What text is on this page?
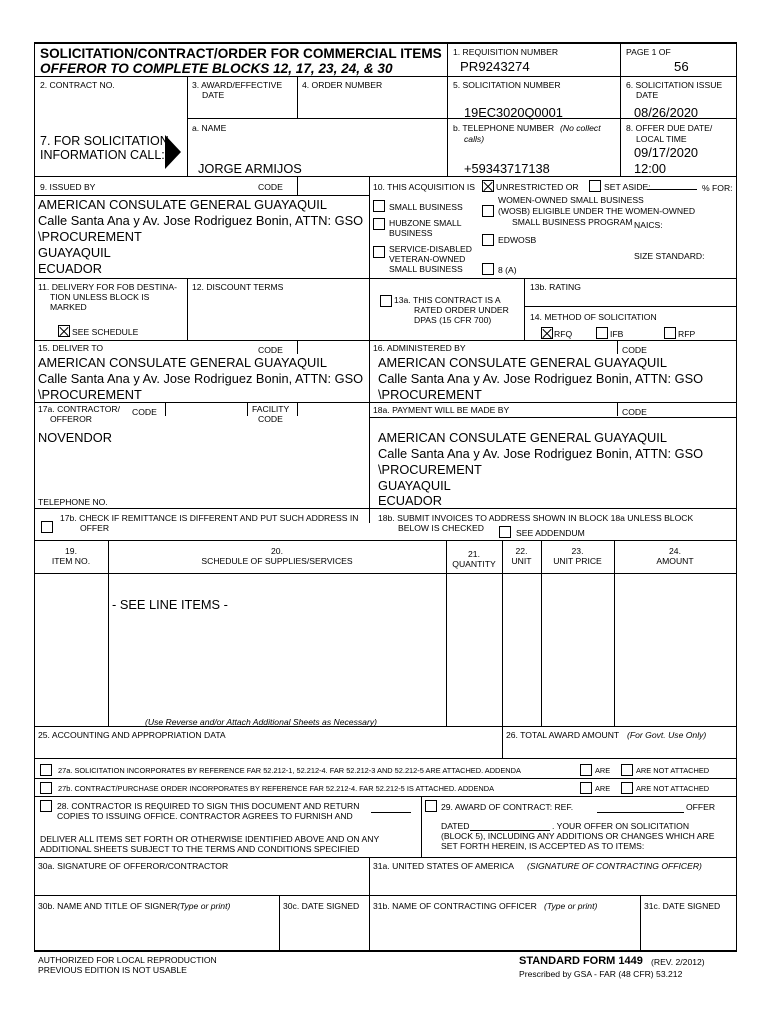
SOLICITATION/CONTRACT/ORDER FOR COMMERCIAL ITEMS
OFFEROR TO COMPLETE BLOCKS 12, 17, 23, 24, & 30
1. REQUISITION NUMBER
PR9243274
PAGE 1 OF
56
2. CONTRACT NO.	3. AWARD/EFFECTIVE
DATE
4. ORDER NUMBER	5. SOLICITATION NUMBER
19EC3020Q0001
6. SOLICITATION ISSUE
DATE
08/26/2020
7. FOR SOLICITATION
INFORMATION CALL:
a. NAME
JORGE ARMIJOS
b. TELEPHONE NUMBER (No collect
calls)
+59343717138
8. OFFER DUE DATE/
LOCAL TIME
09/17/2020
12:00
9. ISSUED BY	CODE
AMERICAN CONSULATE GENERAL GUAYAQUIL
Calle Santa Ana y Av. Jose Rodriguez Bonin, ATTN: GSO
\PROCUREMENT
GUAYAQUIL
ECUADOR
10. THIS ACQUISITION IS UNRESTRICTED OR	SET ASIDE:	% FOR:
SMALL BUSINESS
HUBZONE SMALL
BUSINESS
SERVICE-DISABLED
VETERAN-OWNED
SMALL BUSINESS
WOMEN-OWNED SMALL BUSINESS
(WOSB) ELIGIBLE UNDER THE WOMEN-OWNED
SMALL BUSINESS PROGRAM NAICS:
EDWOSB
8 (A)
SIZE STANDARD:
11. DELIVERY FOR FOB DESTINA-
TION UNLESS BLOCK IS
MARKED
SEE SCHEDULE
12. DISCOUNT TERMS
13a. THIS CONTRACT IS A
RATED ORDER UNDER
DPAS (15 CFR 700)
13b. RATING
14. METHOD OF SOLICITATION
RFQ	IFB	RFP
15. DELIVER TO	CODE
AMERICAN CONSULATE GENERAL GUAYAQUIL
Calle Santa Ana y Av. Jose Rodriguez Bonin, ATTN: GSO
\PROCUREMENT
16. ADMINISTERED BY	CODE
AMERICAN CONSULATE GENERAL GUAYAQUIL
Calle Santa Ana y Av. Jose Rodriguez Bonin, ATTN: GSO
\PROCUREMENT
17a. CONTRACTOR/
OFFEROR
CODE	FACILITY
CODE
NOVENDOR
TELEPHONE NO.
18a. PAYMENT WILL BE MADE BY	CODE
AMERICAN CONSULATE GENERAL GUAYAQUIL
Calle Santa Ana y Av. Jose Rodriguez Bonin, ATTN: GSO
\PROCUREMENT
GUAYAQUIL
ECUADOR
17b. CHECK IF REMITTANCE IS DIFFERENT AND PUT SUCH ADDRESS IN
OFFER
18b. SUBMIT INVOICES TO ADDRESS SHOWN IN BLOCK 18a UNLESS BLOCK
BELOW IS CHECKED	SEE ADDENDUM
19.
ITEM NO.
20.
SCHEDULE OF SUPPLIES/SERVICES
21.
QUANTITY
22.
UNIT
23.
UNIT PRICE
24.
AMOUNT
- SEE LINE ITEMS -
(Use Reverse and/or Attach Additional Sheets as Necessary)
25. ACCOUNTING AND APPROPRIATION DATA	26. TOTAL AWARD AMOUNT (For Govt. Use Only)
27a. SOLICITATION INCORPORATES BY REFERENCE FAR 52.212-1, 52.212-4. FAR 52.212-3 AND 52.212-5 ARE ATTACHED. ADDENDA	ARE	ARE NOT ATTACHED
27b. CONTRACT/PURCHASE ORDER INCORPORATES BY REFERENCE FAR 52.212-4. FAR 52.212-5 IS ATTACHED. ADDENDA	ARE	ARE NOT ATTACHED
28. CONTRACTOR IS REQUIRED TO SIGN THIS DOCUMENT AND RETURN
COPIES TO ISSUING OFFICE. CONTRACTOR AGREES TO FURNISH AND
DELIVER ALL ITEMS SET FORTH OR OTHERWISE IDENTIFIED ABOVE AND ON ANY
ADDITIONAL SHEETS SUBJECT TO THE TERMS AND CONDITIONS SPECIFIED
29. AWARD OF CONTRACT: REF.	OFFER
DATED	. YOUR OFFER ON SOLICITATION
(BLOCK 5), INCLUDING ANY ADDITIONS OR CHANGES WHICH ARE
SET FORTH HEREIN, IS ACCEPTED AS TO ITEMS:
30a. SIGNATURE OF OFFEROR/CONTRACTOR	31a. UNITED STATES OF AMERICA (SIGNATURE OF CONTRACTING OFFICER)
30b. NAME AND TITLE OF SIGNER (Type or print)	30c. DATE SIGNED 31b. NAME OF CONTRACTING OFFICER (Type or print)	31c. DATE SIGNED
AUTHORIZED FOR LOCAL REPRODUCTION
PREVIOUS EDITION IS NOT USABLE
STANDARD FORM 1449 (REV. 2/2012)
Prescribed by GSA - FAR (48 CFR) 53.212
